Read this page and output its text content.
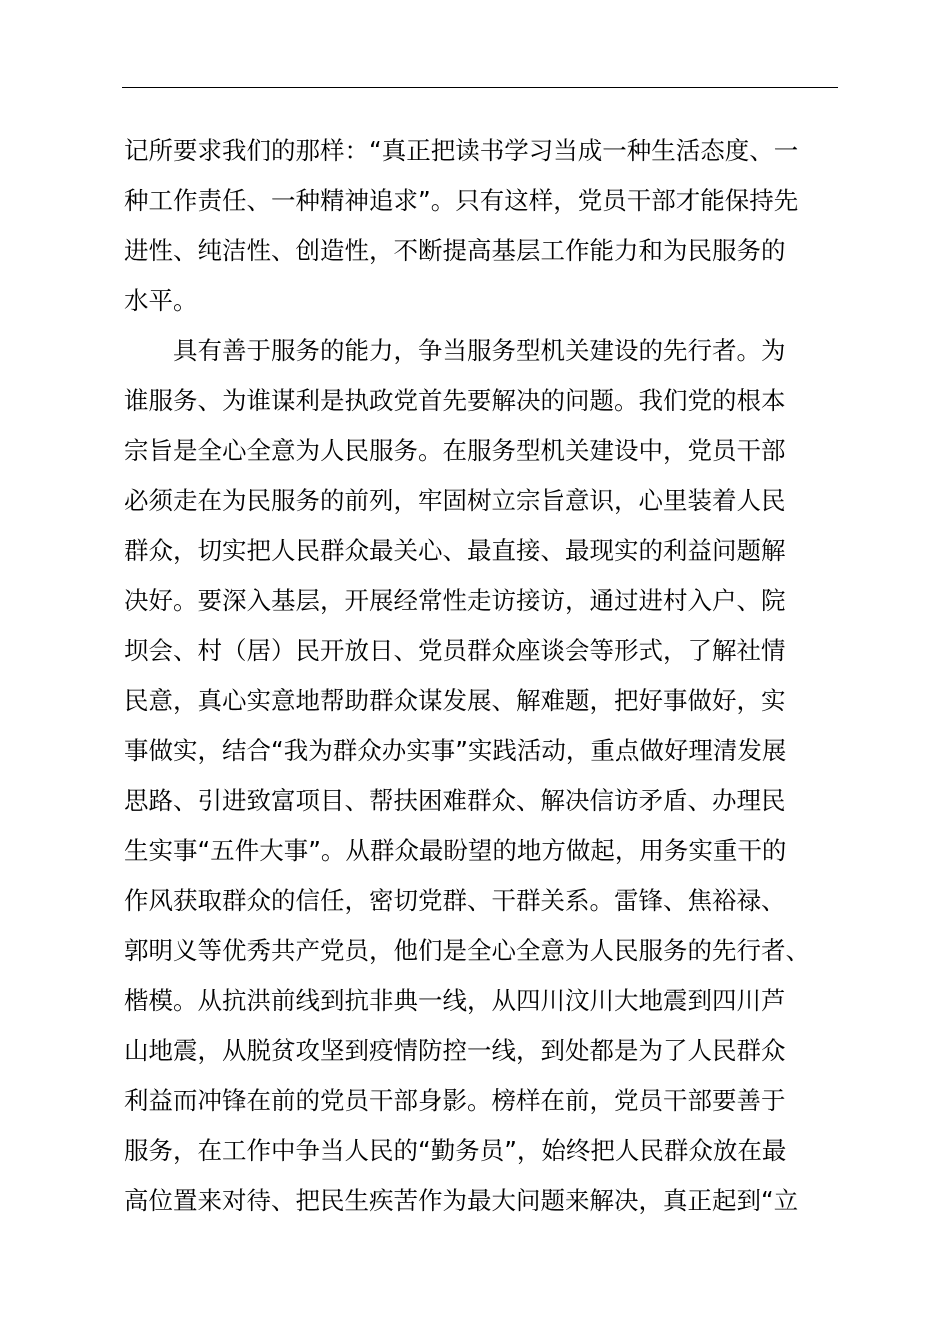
记所要求我们的那样：“真正把读书学习当成一种生活态度、一
种工作责任、一种精神追求”。只有这样，党员干部才能保持先
进性、纯洁性、创造性，不断提高基层工作能力和为民服务的
水平。
具有善于服务的能力，争当服务型机关建设的先行者。为
谁服务、为谁谋利是执政党首先要解决的问题。我们党的根本
宗旨是全心全意为人民服务。在服务型机关建设中，党员干部
必须走在为民服务的前列，牢固树立宗旨意识，心里装着人民
群众，切实把人民群众最关心、最直接、最现实的利益问题解
决好。要深入基层，开展经常性走访接访，通过进村入户、院
坝会、村（居）民开放日、党员群众座谈会等形式，了解社情
民意，真心实意地帮助群众谋发展、解难题，把好事做好，实
事做实，结合“我为群众办实事”实践活动，重点做好理清发展
思路、引进致富项目、帮扶困难群众、解决信访矛盾、办理民
生实事“五件大事”。从群众最盼望的地方做起，用务实重干的
作风获取群众的信任，密切党群、干群关系。雷锋、焦裕禄、
郭明义等优秀共产党员，他们是全心全意为人民服务的先行者、
楷模。从抗洪前线到抗非典一线，从四川汶川大地震到四川芦
山地震，从脱贫攻坚到疫情防控一线，到处都是为了人民群众
利益而冲锋在前的党员干部身影。榜样在前，党员干部要善于
服务，在工作中争当人民的“勤务员”，始终把人民群众放在最
高位置来对待、把民生疾苦作为最大问题来解决，真正起到“立
